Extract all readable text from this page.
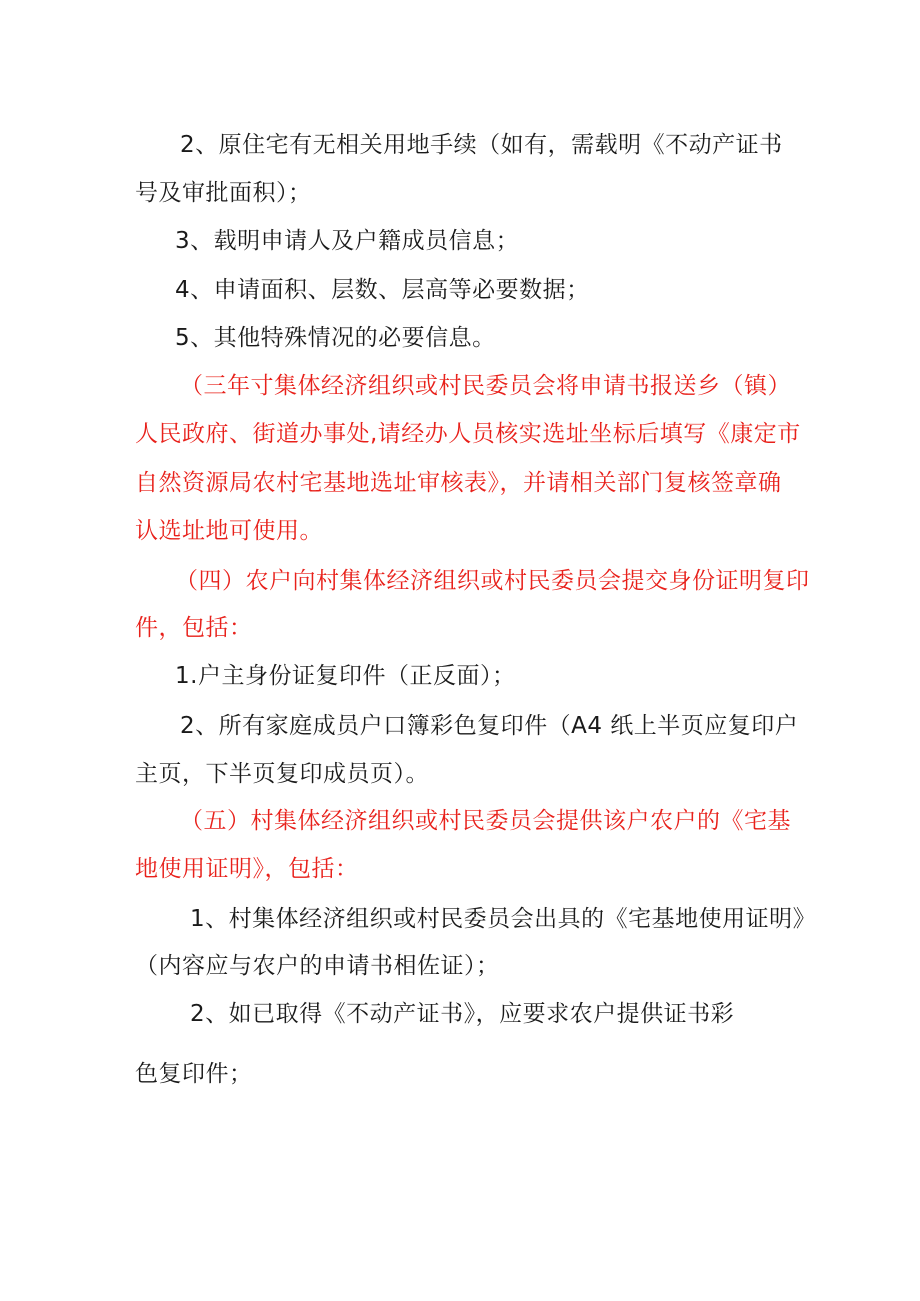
2、原住宅有无相关用地手续（如有，需载明《不动产证书
号及审批面积）；
3、载明申请人及户籍成员信息；
4、申请面积、层数、层高等必要数据；
5、其他特殊情况的必要信息。
（三年寸集体经济组织或村民委员会将申请书报送乡（镇）
人民政府、街道办事处,请经办人员核实选址坐标后填写《康定市
自然资源局农村宅基地选址审核表》，并请相关部门复核签章确
认选址地可使用。
（四）农户向村集体经济组织或村民委员会提交身份证明复印
件，包括：
1.户主身份证复印件（正反面）；
2、所有家庭成员户口簿彩色复印件（A4 纸上半页应复印户
主页，下半页复印成员页）。
（五）村集体经济组织或村民委员会提供该户农户的《宅基
地使用证明》，包括：
1、村集体经济组织或村民委员会出具的《宅基地使用证明》
（内容应与农户的申请书相佐证）；
2、如已取得《不动产证书》，应要求农户提供证书彩
色复印件；
